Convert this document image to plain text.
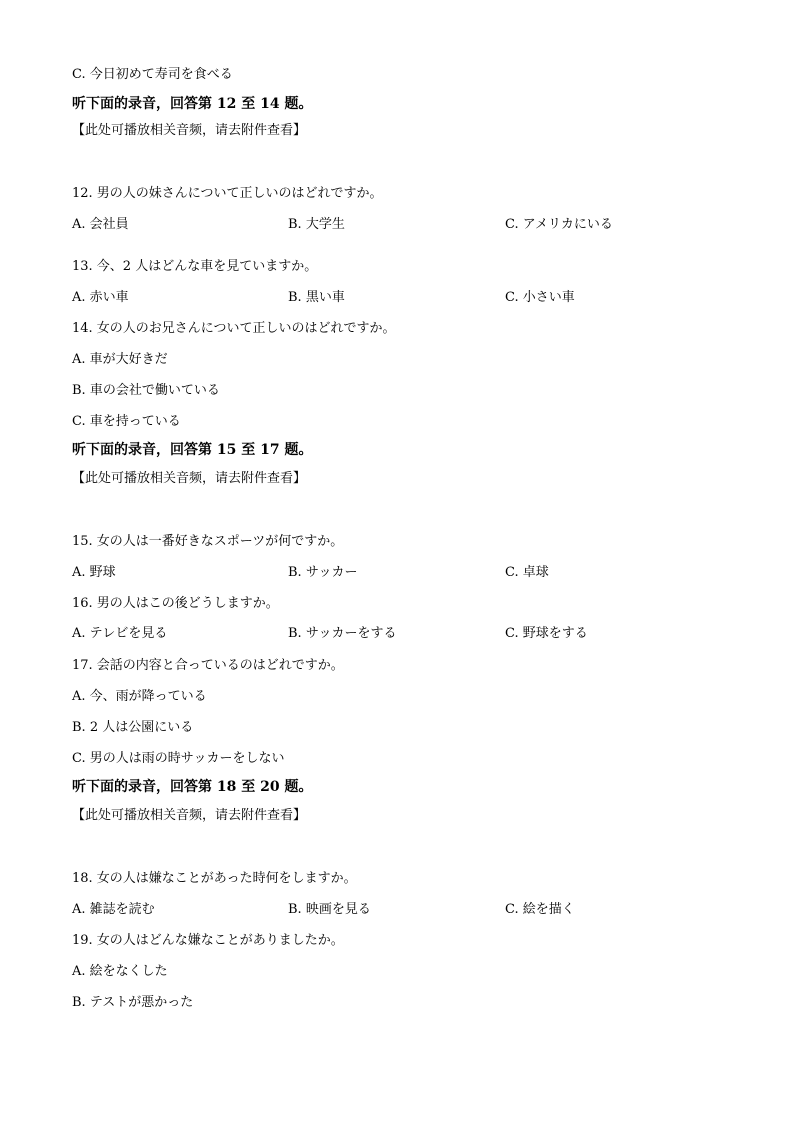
C. 今日初めて寿司を食べる
听下面的录音，回答第 12 至 14 题。
【此处可播放相关音频，请去附件查看】
12. 男の人の妹さんについて正しいのはどれですか。
A. 会社員	B. 大学生	C. アメリカにいる
13. 今、2 人はどんな車を見ていますか。
A. 赤い車	B. 黒い車	C. 小さい車
14. 女の人のお兄さんについて正しいのはどれですか。
A. 車が大好きだ
B. 車の会社で働いている
C. 車を持っている
听下面的录音，回答第 15 至 17 题。
【此处可播放相关音频，请去附件查看】
15. 女の人は一番好きなスポーツが何ですか。
A. 野球	B. サッカー	C. 卓球
16. 男の人はこの後どうしますか。
A. テレビを見る	B. サッカーをする	C. 野球をする
17. 会話の内容と合っているのはどれですか。
A. 今、雨が降っている
B. 2 人は公園にいる
C. 男の人は雨の時サッカーをしない
听下面的录音，回答第 18 至 20 题。
【此处可播放相关音频，请去附件查看】
18. 女の人は嫌なことがあった時何をしますか。
A. 雑誌を読む	B. 映画を見る	C. 絵を描く
19. 女の人はどんな嫌なことがありましたか。
A. 絵をなくした
B. テストが悪かった
